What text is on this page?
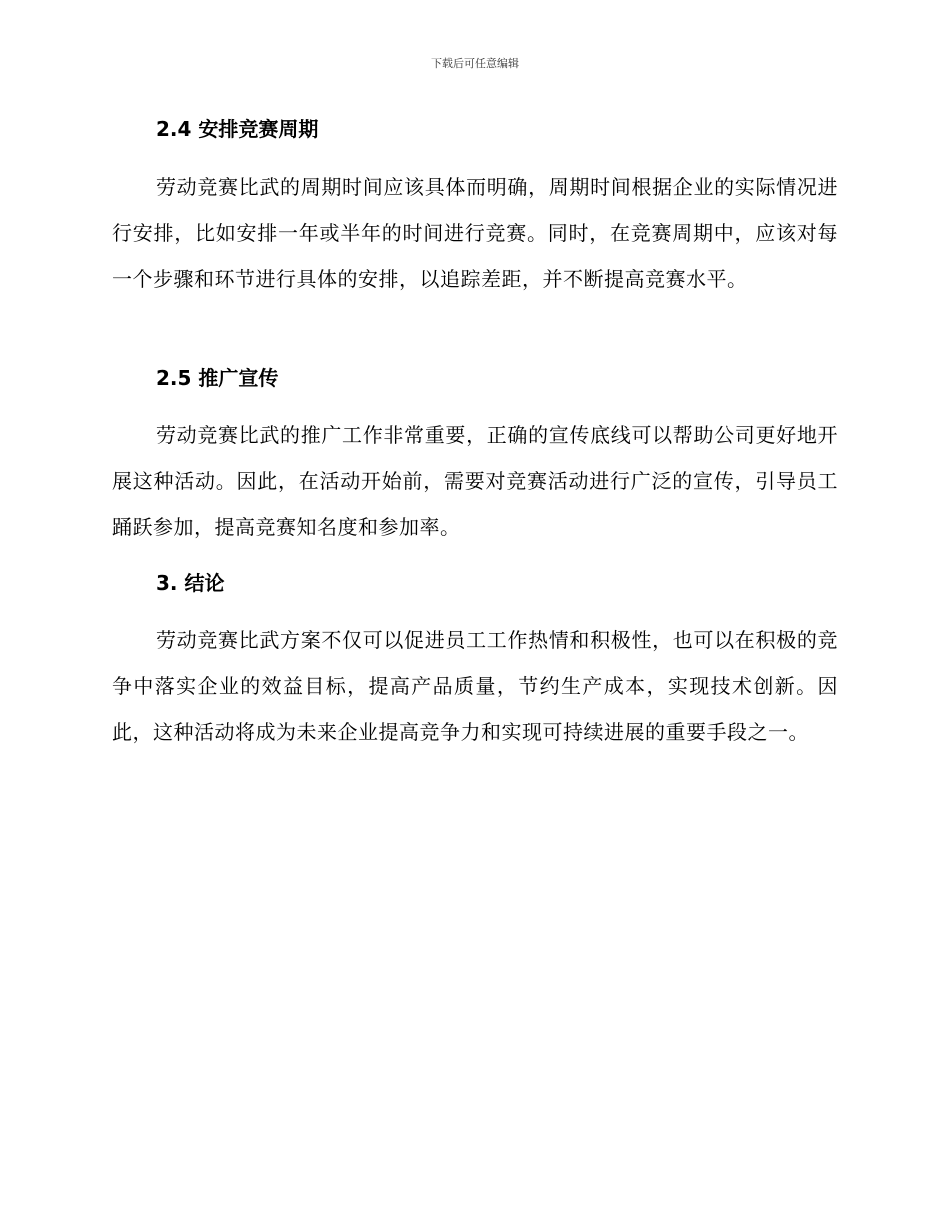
下载后可任意编辑
2.4 安排竞赛周期
劳动竞赛比武的周期时间应该具体而明确，周期时间根据企业的实际情况进行安排，比如安排一年或半年的时间进行竞赛。同时，在竞赛周期中，应该对每一个步骤和环节进行具体的安排，以追踪差距，并不断提高竞赛水平。
2.5 推广宣传
劳动竞赛比武的推广工作非常重要，正确的宣传底线可以帮助公司更好地开展这种活动。因此，在活动开始前，需要对竞赛活动进行广泛的宣传，引导员工踊跃参加，提高竞赛知名度和参加率。
3. 结论
劳动竞赛比武方案不仅可以促进员工工作热情和积极性，也可以在积极的竞争中落实企业的效益目标，提高产品质量，节约生产成本，实现技术创新。因此，这种活动将成为未来企业提高竞争力和实现可持续进展的重要手段之一。
